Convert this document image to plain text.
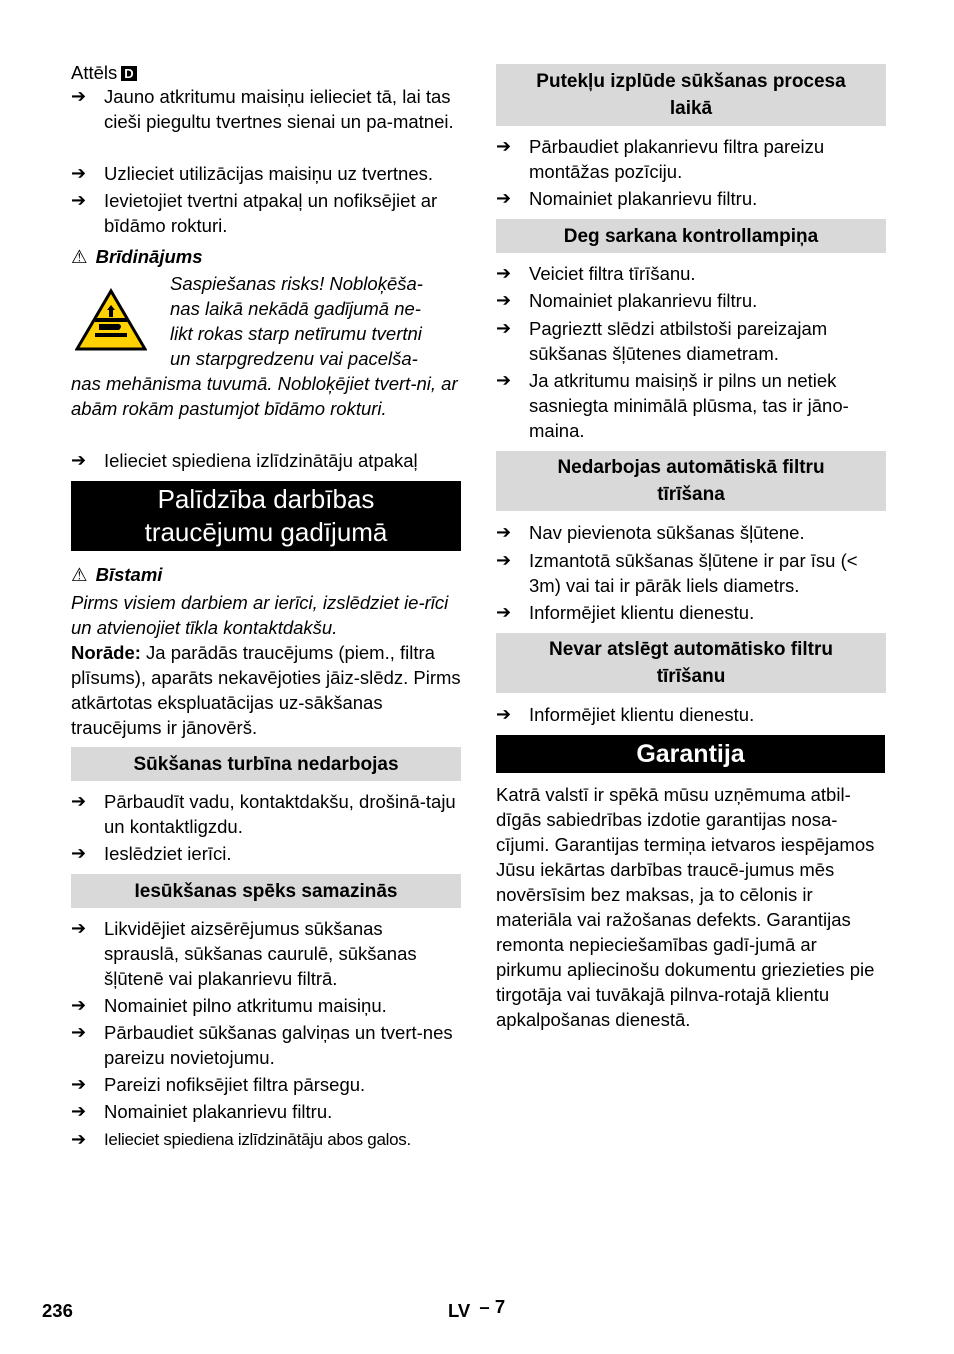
Attēls D
➔ Jauno atkritumu maisiņu ielieciet tā, lai tas cieši piegultu tvertnes sienai un pa-matnei.
➔ Uzlieciet utilizācijas maisiņu uz tvertnes.
➔ Ievietojiet tvertni atpakaļ un nofiksējiet ar bīdāmo rokturi.
⚠ Brīdinājums
Saspiešanas risks! Nobloķēša-
nas laikā nekādā gadījumā ne-
likt rokas starp netīrumu tvertni
un starpgredzenu vai pacelša-
nas mehānisma tuvumā. Nobloķējiet tvert-ni, ar abām rokām pastumjot bīdāmo rokturi.
➔ Ielieciet spiediena izlīdzinātāju atpakaļ
Palīdzība darbības
traucējumu gadījumā
⚠ Bīstami
Pirms visiem darbiem ar ierīci, izslēdziet ie-rīci un atvienojiet tīkla kontaktdakšu.
Norāde: Ja parādās traucējums (piem., filtra plīsums), aparāts nekavējoties jāiz-slēdz. Pirms atkārtotas ekspluatācijas uz-sākšanas traucējums ir jānovērš.
Sūkšanas turbīna nedarbojas
➔ Pārbaudīt vadu, kontaktdakšu, drošinā-taju un kontaktligzdu.
➔ Ieslēdziet ierīci.
Iesūkšanas spēks samazinās
➔ Likvidējiet aizsērējumus sūkšanas sprauslā, sūkšanas caurulē, sūkšanas šļūtenē vai plakanrievu filtrā.
➔ Nomainiet pilno atkritumu maisiņu.
➔ Pārbaudiet sūkšanas galviņas un tvert-nes pareizu novietojumu.
➔ Pareizi nofiksējiet filtra pārsegu.
➔ Nomainiet plakanrievu filtru.
➔	Ielieciet spiediena izlīdzinātāju abos galos.
Putekļu izplūde sūkšanas procesa
laikā
➔ Pārbaudiet plakanrievu filtra pareizu montāžas pozīciju.
➔ Nomainiet plakanrievu filtru.
Deg sarkana kontrollampiņa
➔ Veiciet filtra tīrīšanu.
➔ Nomainiet plakanrievu filtru.
➔ Pagrieztt slēdzi atbilstoši pareizajam sūkšanas šļūtenes diametram.
➔ Ja atkritumu maisiņš ir pilns un netiek sasniegta minimālā plūsma, tas ir jāno-maina.
Nedarbojas automātiskā filtru
tīrīšana
➔ Nav pievienota sūkšanas šļūtene.
➔ Izmantotā sūkšanas šļūtene ir par īsu (< 3m) vai tai ir pārāk liels diametrs.
➔ Informējiet klientu dienestu.
Nevar atslēgt automātisko filtru
tīrīšanu
➔ Informējiet klientu dienestu.
Garantija
Katrā valstī ir spēkā mūsu uzņēmuma atbil-dīgās sabiedrības izdotie garantijas nosa-cījumi. Garantijas termiņa ietvaros iespējamos Jūsu iekārtas darbības traucē-jumus mēs novērsīsim bez maksas, ja to cēlonis ir materiāla vai ražošanas defekts. Garantijas remonta nepieciešamības gadī-jumā ar pirkumu apliecinošu dokumentu griezieties pie tirgotāja vai tuvākajā pilnva-rotajā klientu apkalpošanas dienestā.
236	LV – 7
